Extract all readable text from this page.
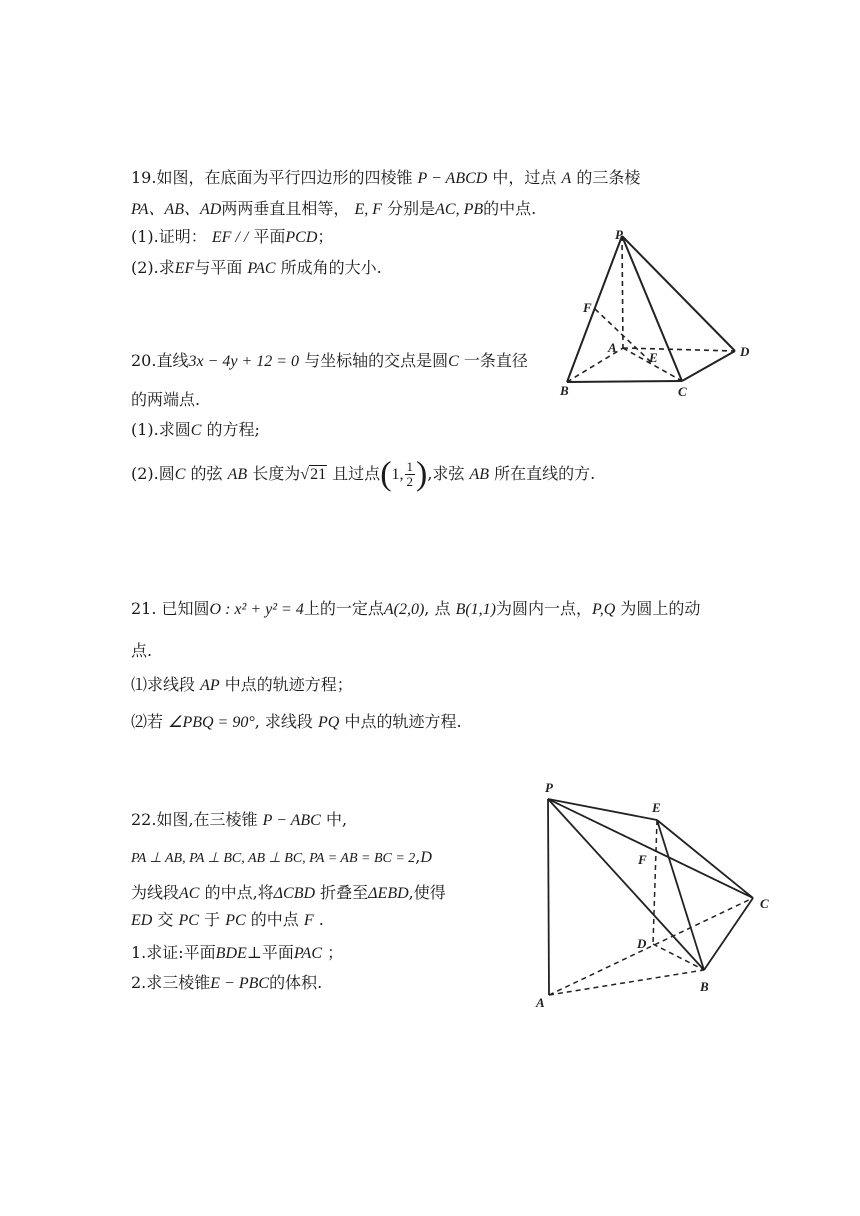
19.如图，在底面为平行四边形的四棱锥 P − ABCD 中，过点 A 的三条棱
PA、AB、AD两两垂直且相等， E, F 分别是AC, PB的中点.
(1).证明： EF / / 平面PCD；
(2).求EF与平面 PAC 所成角的大小.
P
F
A
E	D
B	C
20.直线3x − 4y + 12 = 0 与坐标轴的交点是圆C 一条直径
的两端点.
(1).求圆C 的方程;
(2).圆C 的弦 AB 长度为√21 且过点(1, $\frac{1}{2}$ ),求弦 AB 所在直线的方.
21. 已知圆O : x² + y² = 4上的一定点A(2,0), 点 B(1,1)为圆内一点，P,Q 为圆上的动
点.
⑴求线段 AP 中点的轨迹方程；
⑵若 ∠PBQ = 90°, 求线段 PQ 中点的轨迹方程.
22.如图,在三棱锥 P − ABC 中,
PA ⊥ AB, PA ⊥ BC, AB ⊥ BC, PA = AB = BC = 2,D
为线段AC 的中点,将ΔCBD 折叠至ΔEBD,使得
ED 交 PC 于 PC 的中点 F .
1.求证:平面BDE⊥平面PAC ；
2.求三棱锥E − PBC的体积.
P
E
F
C
D
B
A
